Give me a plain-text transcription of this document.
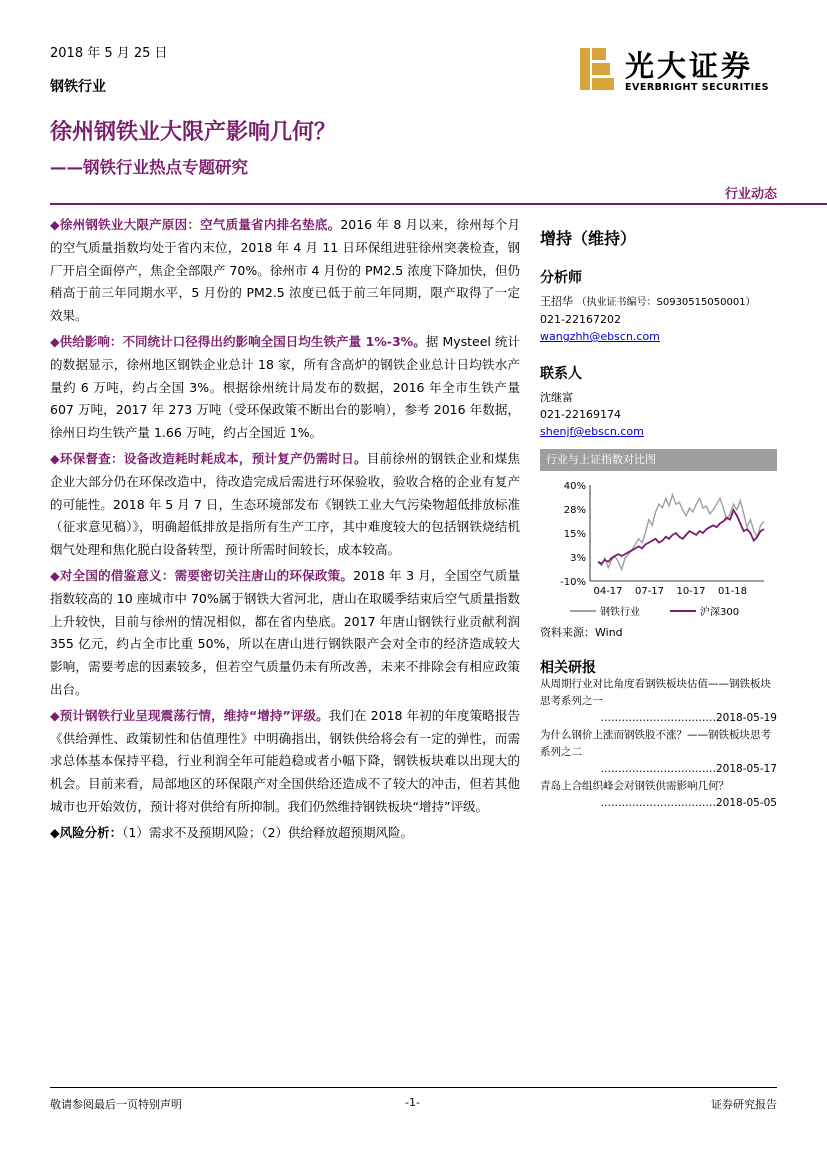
2018 年 5 月 25 日
钢铁行业
光大证券
EVERBRIGHT SECURITIES
徐州钢铁业大限产影响几何？
——钢铁行业热点专题研究
行业动态

◆徐州钢铁业大限产原因：空气质量省内排名垫底。2016 年 8 月以来，徐州每个月的空气质量指数均处于省内末位，2018 年 4 月 11 日环保组进驻徐州突袭检查，钢厂开启全面停产，焦企全部限产 70%。徐州市 4 月份的 PM2.5 浓度下降加快，但仍稍高于前三年同期水平，5 月份的 PM2.5 浓度已低于前三年同期，限产取得了一定效果。

◆供给影响：不同统计口径得出约影响全国日均生铁产量 1%-3%。据 Mysteel 统计的数据显示，徐州地区钢铁企业总计 18 家，所有含高炉的钢铁企业总计日均铁水产量约 6 万吨，约占全国 3%。根据徐州统计局发布的数据，2016 年全市生铁产量 607 万吨，2017 年 273 万吨（受环保政策不断出台的影响），参考 2016 年数据，徐州日均生铁产量 1.66 万吨，约占全国近 1%。

◆环保督查：设备改造耗时耗成本，预计复产仍需时日。目前徐州的钢铁企业和煤焦企业大部分仍在环保改造中，待改造完成后需进行环保验收，验收合格的企业有复产的可能性。2018 年 5 月 7 日，生态环境部发布《钢铁工业大气污染物超低排放标准（征求意见稿）》，明确超低排放是指所有生产工序，其中难度较大的包括钢铁烧结机烟气处理和焦化脱白设备转型，预计所需时间较长，成本较高。

◆对全国的借鉴意义：需要密切关注唐山的环保政策。2018 年 3 月，全国空气质量指数较高的 10 座城市中 70%属于钢铁大省河北，唐山在取暖季结束后空气质量指数上升较快，目前与徐州的情况相似，都在省内垫底。2017 年唐山钢铁行业贡献利润 355 亿元，约占全市比重 50%，所以在唐山进行钢铁限产会对全市的经济造成较大影响，需要考虑的因素较多，但若空气质量仍未有所改善，未来不排除会有相应政策出台。

◆预计钢铁行业呈现震荡行情，维持“增持”评级。我们在 2018 年初的年度策略报告《供给弹性、政策韧性和估值理性》中明确指出，钢铁供给将会有一定的弹性，而需求总体基本保持平稳，行业利润全年可能趋稳或者小幅下降，钢铁板块难以出现大的机会。目前来看，局部地区的环保限产对全国供给还造成不了较大的冲击，但若其他城市也开始效仿，预计将对供给有所抑制。我们仍然维持钢铁板块“增持”评级。

◆风险分析：（1）需求不及预期风险；（2）供给释放超预期风险。

增持（维持）
分析师
王招华 （执业证书编号：S0930515050001）
021-22167202
wangzhh@ebscn.com
联系人
沈继富
021-22169174
shenjf@ebscn.com
行业与上证指数对比图
40%
28%
15%
3%
-10%
04-17 07-17 10-17 01-18
钢铁行业	沪深300
资料来源：Wind
相关研报
从周期行业对比角度看钢铁板块估值——钢铁板块思考系列之一
……………………………2018-05-19
为什么钢价上涨而钢铁股不涨？——钢铁板块思考系列之二
……………………………2018-05-17
青岛上合组织峰会对钢铁供需影响几何？
……………………………2018-05-05
敬请参阅最后一页特别声明	-1-	证券研究报告
